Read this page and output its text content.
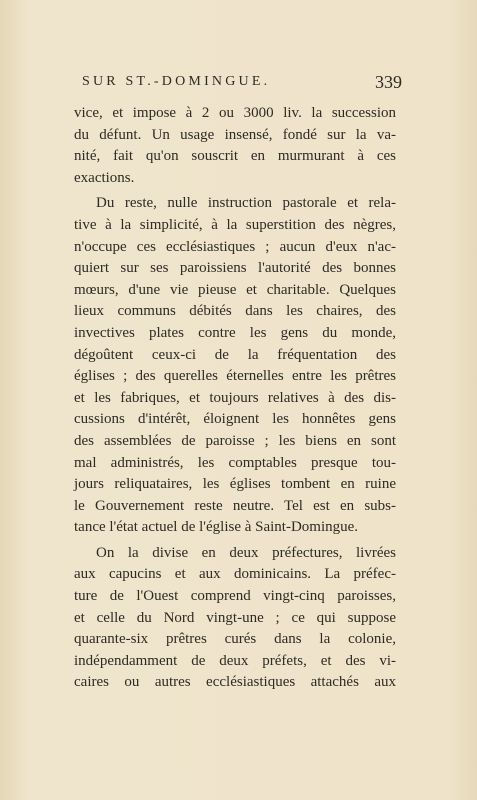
SUR ST.-DOMINGUE.	339
vice, et impose à 2 ou 3000 liv. la succession
du défunt. Un usage insensé, fondé sur la va-
nité, fait qu'on souscrit en murmurant à ces
exactions.
Du reste, nulle instruction pastorale et rela-
tive à la simplicité, à la superstition des nègres,
n'occupe ces ecclésiastiques ; aucun d'eux n'ac-
quiert sur ses paroissiens l'autorité des bonnes
mœurs, d'une vie pieuse et charitable. Quelques
lieux communs débités dans les chaires, des
invectives plates contre les gens du monde,
dégoûtent ceux-ci de la fréquentation des
églises ; des querelles éternelles entre les prêtres
et les fabriques, et toujours relatives à des dis-
cussions d'intérêt, éloignent les honnêtes gens
des assemblées de paroisse ; les biens en sont
mal administrés, les comptables presque tou-
jours reliquataires, les églises tombent en ruine
le Gouvernement reste neutre. Tel est en subs-
tance l'état actuel de l'église à Saint-Domingue.
On la divise en deux préfectures, livrées
aux capucins et aux dominicains. La préfec-
ture de l'Ouest comprend vingt-cinq paroisses,
et celle du Nord vingt-une ; ce qui suppose
quarante-six prêtres curés dans la colonie,
indépendamment de deux préfets, et des vi-
caires ou autres ecclésiastiques attachés aux
